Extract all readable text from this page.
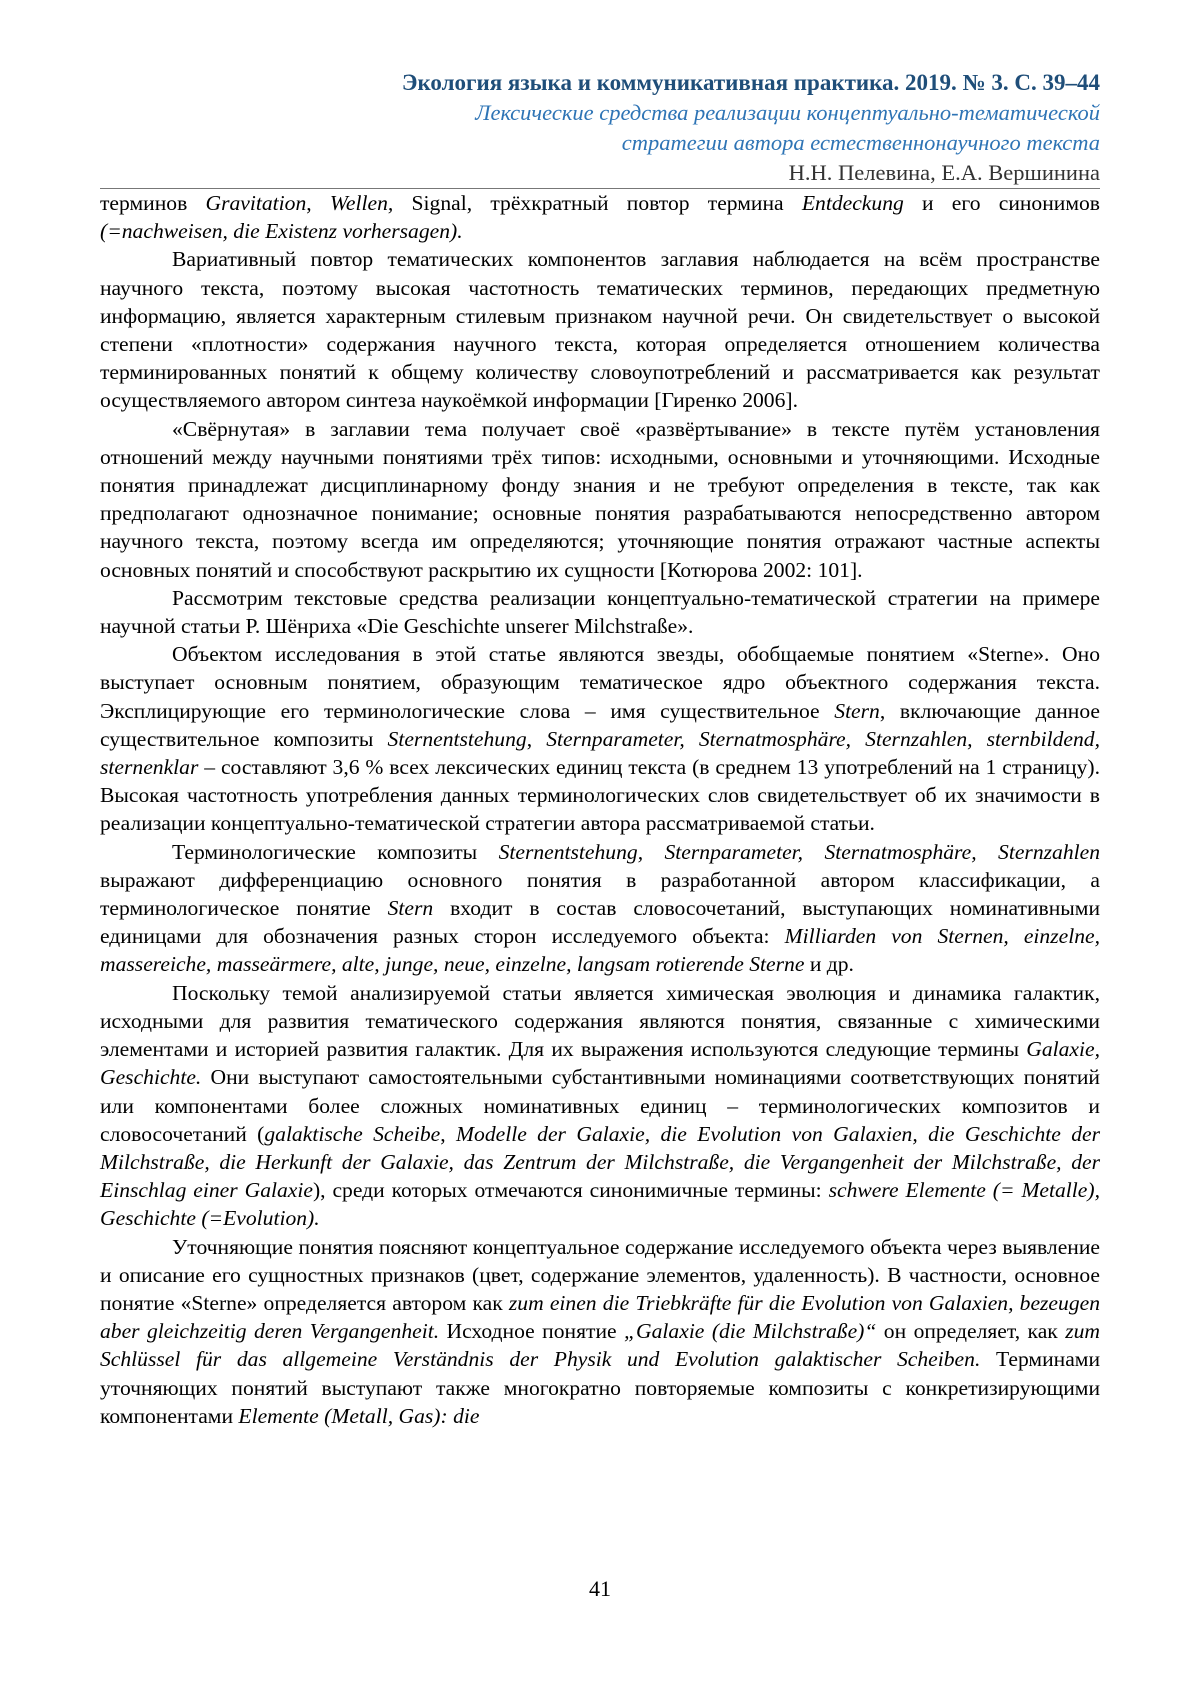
Экология языка и коммуникативная практика. 2019. № 3. С. 39–44
Лексические средства реализации концептуально-тематической
стратегии автора естественнонаучного текста
Н.Н. Пелевина, Е.А. Вершинина

терминов Gravitation, Wellen, Signal, трёхкратный повтор термина Entdeckung и его синонимов (=nachweisen, die Existenz vorhersagen).

Вариативный повтор тематических компонентов заглавия наблюдается на всём пространстве научного текста, поэтому высокая частотность тематических терминов, передающих предметную информацию, является характерным стилевым признаком научной речи. Он свидетельствует о высокой степени «плотности» содержания научного текста, которая определяется отношением количества терминированных понятий к общему количеству словоупотреблений и рассматривается как результат осуществляемого автором синтеза наукоёмкой информации [Гиренко 2006].

«Свёрнутая» в заглавии тема получает своё «развёртывание» в тексте путём установления отношений между научными понятиями трёх типов: исходными, основными и уточняющими. Исходные понятия принадлежат дисциплинарному фонду знания и не требуют определения в тексте, так как предполагают однозначное понимание; основные понятия разрабатываются непосредственно автором научного текста, поэтому всегда им определяются; уточняющие понятия отражают частные аспекты основных понятий и способствуют раскрытию их сущности [Котюрова 2002: 101].

Рассмотрим текстовые средства реализации концептуально-тематической стратегии на примере научной статьи Р. Шёнриха «Die Geschichte unserer Milchstraße».

Объектом исследования в этой статье являются звезды, обобщаемые понятием «Sterne». Оно выступает основным понятием, образующим тематическое ядро объектного содержания текста. Эксплицирующие его терминологические слова – имя существительное Stern, включающие данное существительное композиты Sternentstehung, Sternparameter, Sternatmosphäre, Sternzahlen, sternbildend, sternenklar – составляют 3,6 % всех лексических единиц текста (в среднем 13 употреблений на 1 страницу). Высокая частотность употребления данных терминологических слов свидетельствует об их значимости в реализации концептуально-тематической стратегии автора рассматриваемой статьи.

Терминологические композиты Sternentstehung, Sternparameter, Sternatmosphäre, Sternzahlen выражают дифференциацию основного понятия в разработанной автором классификации, а терминологическое понятие Stern входит в состав словосочетаний, выступающих номинативными единицами для обозначения разных сторон исследуемого объекта: Milliarden von Sternen, einzelne, massereiche, masseärmere, alte, junge, neue, einzelne, langsam rotierende Sterne и др.

Поскольку темой анализируемой статьи является химическая эволюция и динамика галактик, исходными для развития тематического содержания являются понятия, связанные с химическими элементами и историей развития галактик. Для их выражения используются следующие термины Galaxie, Geschichte. Они выступают самостоятельными субстантивными номинациями соответствующих понятий или компонентами более сложных номинативных единиц – терминологических композитов и словосочетаний (galaktische Scheibe, Modelle der Galaxie, die Evolution von Galaxien, die Geschichte der Milchstraße, die Herkunft der Galaxie, das Zentrum der Milchstraße, die Vergangenheit der Milchstraße, der Einschlag einer Galaxie), среди которых отмечаются синонимичные термины: schwere Elemente (= Metalle), Geschichte (=Evolution).

Уточняющие понятия поясняют концептуальное содержание исследуемого объекта через выявление и описание его сущностных признаков (цвет, содержание элементов, удаленность). В частности, основное понятие «Sterne» определяется автором как zum einen die Triebkräfte für die Evolution von Galaxien, bezeugen aber gleichzeitig deren Vergangenheit. Исходное понятие „Galaxie (die Milchstraße)“ он определяет, как zum Schlüssel für das allgemeine Verständnis der Physik und Evolution galaktischer Scheiben. Терминами уточняющих понятий выступают также многократно повторяемые композиты с конкретизирующими компонентами Elemente (Metall, Gas): die

41
